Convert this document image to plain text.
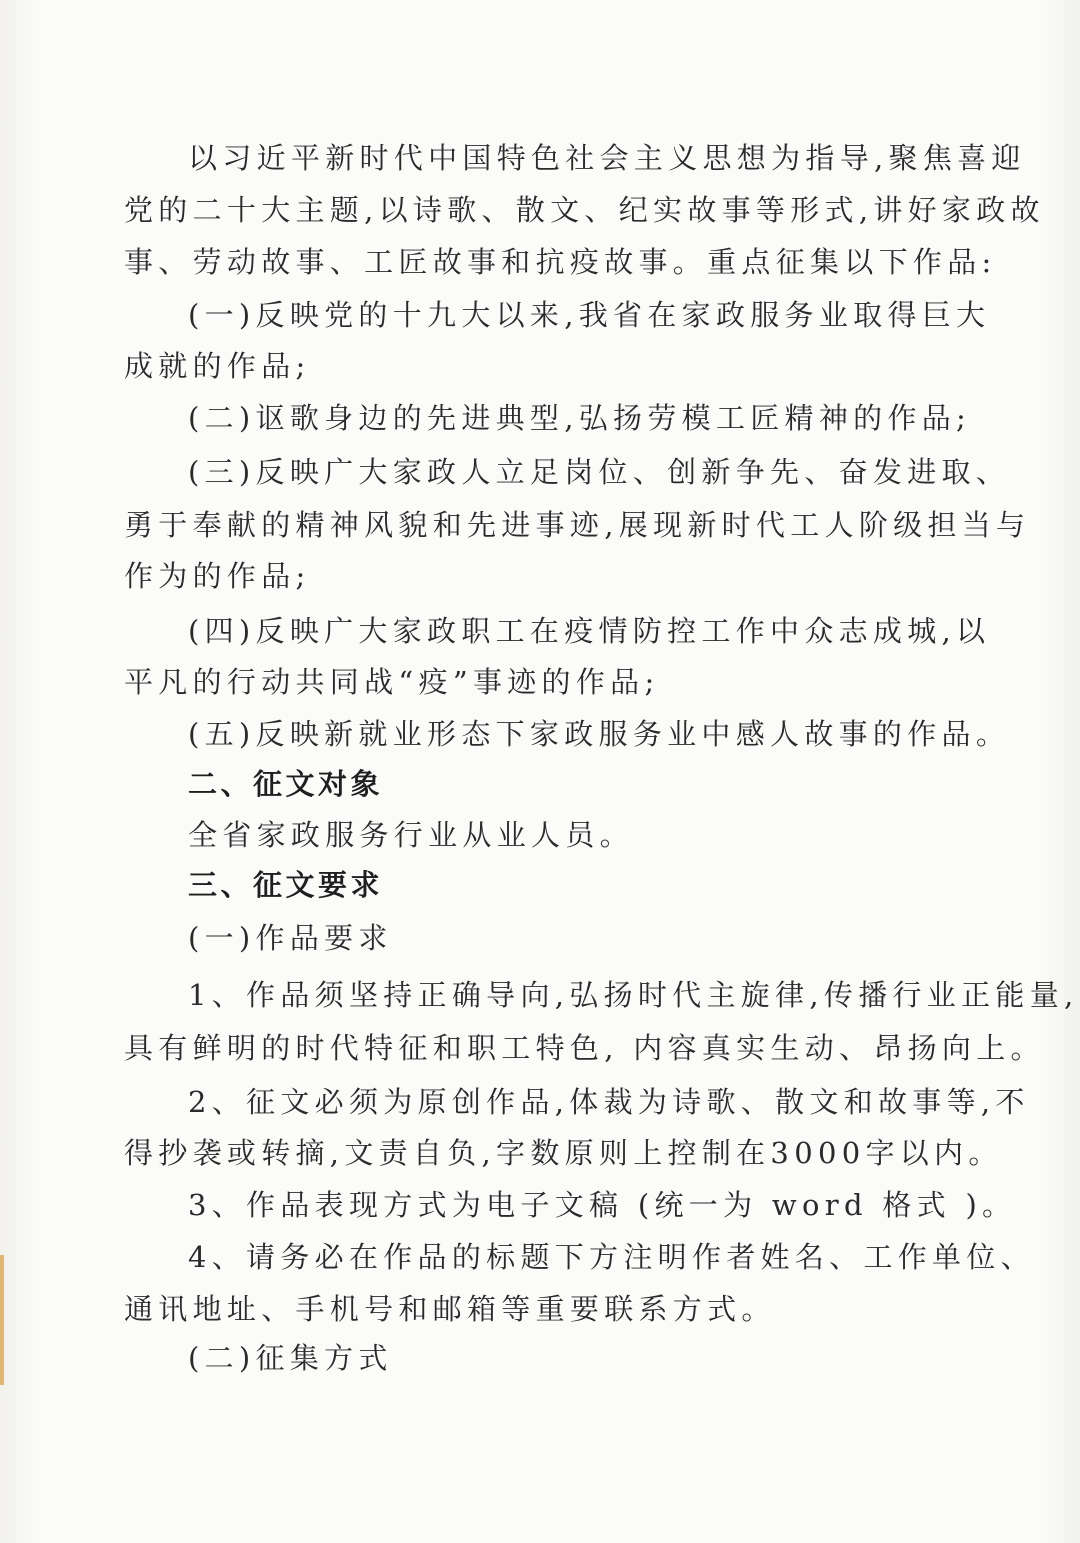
以习近平新时代中国特色社会主义思想为指导,聚焦喜迎
党的二十大主题,以诗歌、散文、纪实故事等形式,讲好家政故
事、劳动故事、工匠故事和抗疫故事。重点征集以下作品:
(一)反映党的十九大以来,我省在家政服务业取得巨大
成就的作品;
(二)讴歌身边的先进典型,弘扬劳模工匠精神的作品;
(三)反映广大家政人立足岗位、创新争先、奋发进取、
勇于奉献的精神风貌和先进事迹,展现新时代工人阶级担当与
作为的作品;
(四)反映广大家政职工在疫情防控工作中众志成城,以
平凡的行动共同战“疫”事迹的作品;
(五)反映新就业形态下家政服务业中感人故事的作品。
二、征文对象
全省家政服务行业从业人员。
三、征文要求
(一)作品要求
1、作品须坚持正确导向,弘扬时代主旋律,传播行业正能量,
具有鲜明的时代特征和职工特色, 内容真实生动、昂扬向上。
2、征文必须为原创作品,体裁为诗歌、散文和故事等,不
得抄袭或转摘,文责自负,字数原则上控制在3000字以内。
3、作品表现方式为电子文稿 (统一为 word 格式 )。
4、请务必在作品的标题下方注明作者姓名、工作单位、
通讯地址、手机号和邮箱等重要联系方式。
(二)征集方式
